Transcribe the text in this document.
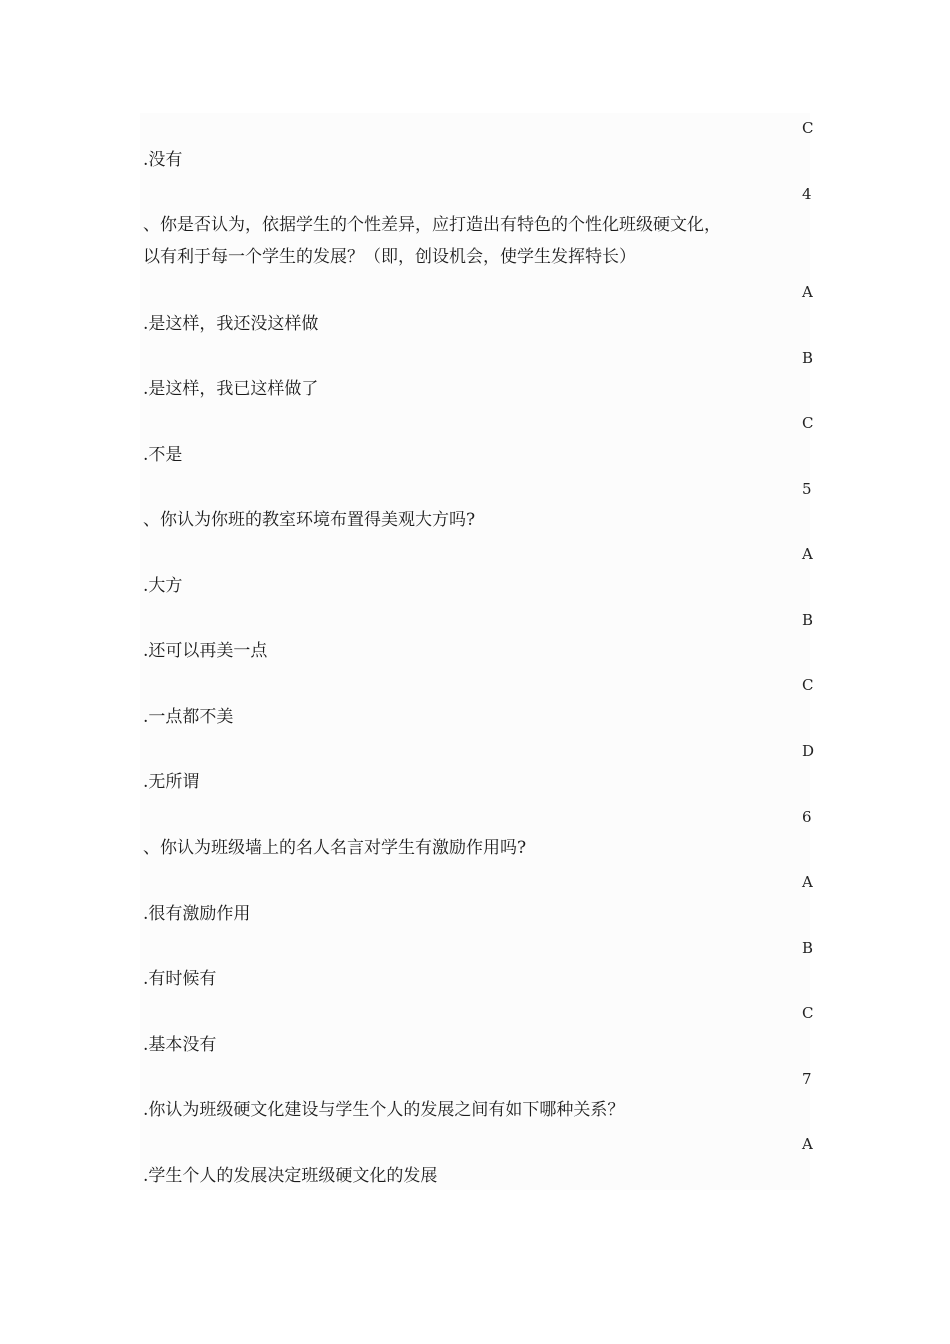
C
4
A
B
C
5
A
B
C
D
6
A
B
C
7
A
.没有
、你是否认为，依据学生的个性差异，应打造出有特色的个性化班级硬文化，
以有利于每一个学生的发展？（即，创设机会，使学生发挥特长）
.是这样，我还没这样做
.是这样，我已这样做了
.不是
、你认为你班的教室环境布置得美观大方吗?
.大方
.还可以再美一点
.一点都不美
.无所谓
、你认为班级墙上的名人名言对学生有激励作用吗?
.很有激励作用
.有时候有
.基本没有
.你认为班级硬文化建设与学生个人的发展之间有如下哪种关系？
.学生个人的发展决定班级硬文化的发展
